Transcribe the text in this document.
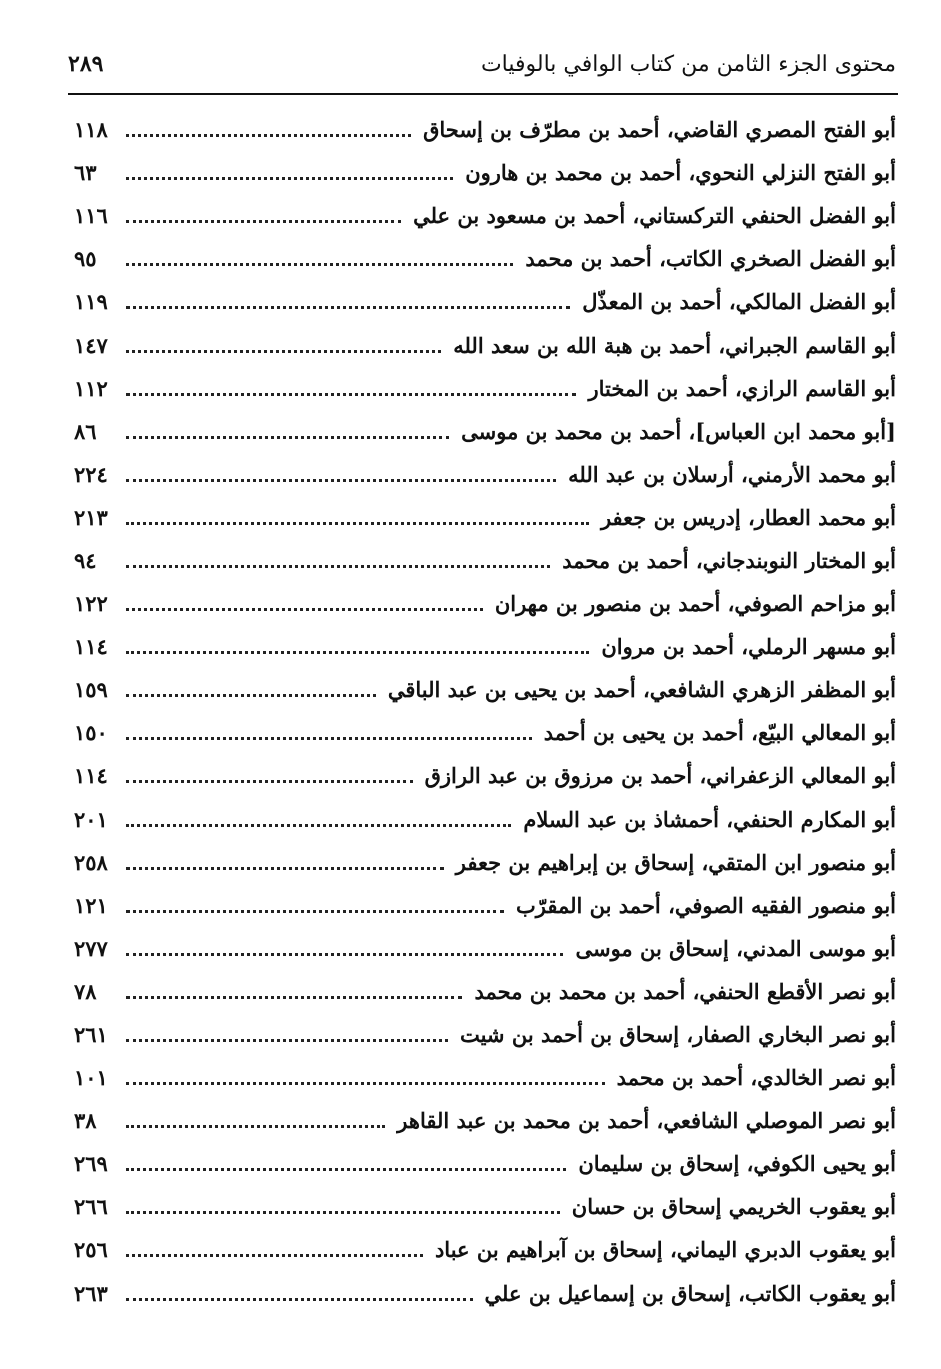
محتوى الجزء الثامن من كتاب الوافي بالوفيات
٢٨٩
أبو الفتح المصري القاضي، أحمد بن مطرّف بن إسحاق
١١٨
أبو الفتح النزلي النحوي، أحمد بن محمد بن هارون
٦٣
أبو الفضل الحنفي التركستاني، أحمد بن مسعود بن علي
١١٦
أبو الفضل الصخري الكاتب، أحمد بن محمد
٩٥
أبو الفضل المالكي، أحمد بن المعذّل
١١٩
أبو القاسم الجبراني، أحمد بن هبة الله بن سعد الله
١٤٧
أبو القاسم الرازي، أحمد بن المختار
١١٢
[أبو محمد ابن العباس]، أحمد بن محمد بن موسى
٨٦
أبو محمد الأرمني، أرسلان بن عبد الله
٢٢٤
أبو محمد العطار، إدريس بن جعفر
٢١٣
أبو المختار النوبندجاني، أحمد بن محمد
٩٤
أبو مزاحم الصوفي، أحمد بن منصور بن مهران
١٢٢
أبو مسهر الرملي، أحمد بن مروان
١١٤
أبو المظفر الزهري الشافعي، أحمد بن يحيى بن عبد الباقي
١٥٩
أبو المعالي البيّع، أحمد بن يحيى بن أحمد
١٥٠
أبو المعالي الزعفراني، أحمد بن مرزوق بن عبد الرازق
١١٤
أبو المكارم الحنفي، أحمشاذ بن عبد السلام
٢٠١
أبو منصور ابن المتقي، إسحاق بن إبراهيم بن جعفر
٢٥٨
أبو منصور الفقيه الصوفي، أحمد بن المقرّب
١٢١
أبو موسى المدني، إسحاق بن موسى
٢٧٧
أبو نصر الأقطع الحنفي، أحمد بن محمد بن محمد
٧٨
أبو نصر البخاري الصفار، إسحاق بن أحمد بن شيت
٢٦١
أبو نصر الخالدي، أحمد بن محمد
١٠١
أبو نصر الموصلي الشافعي، أحمد بن محمد بن عبد القاهر
٣٨
أبو يحيى الكوفي، إسحاق بن سليمان
٢٦٩
أبو يعقوب الخريمي إسحاق بن حسان
٢٦٦
أبو يعقوب الدبري اليماني، إسحاق بن آبراهيم بن عباد
٢٥٦
أبو يعقوب الكاتب، إسحاق بن إسماعيل بن علي
٢٦٣
